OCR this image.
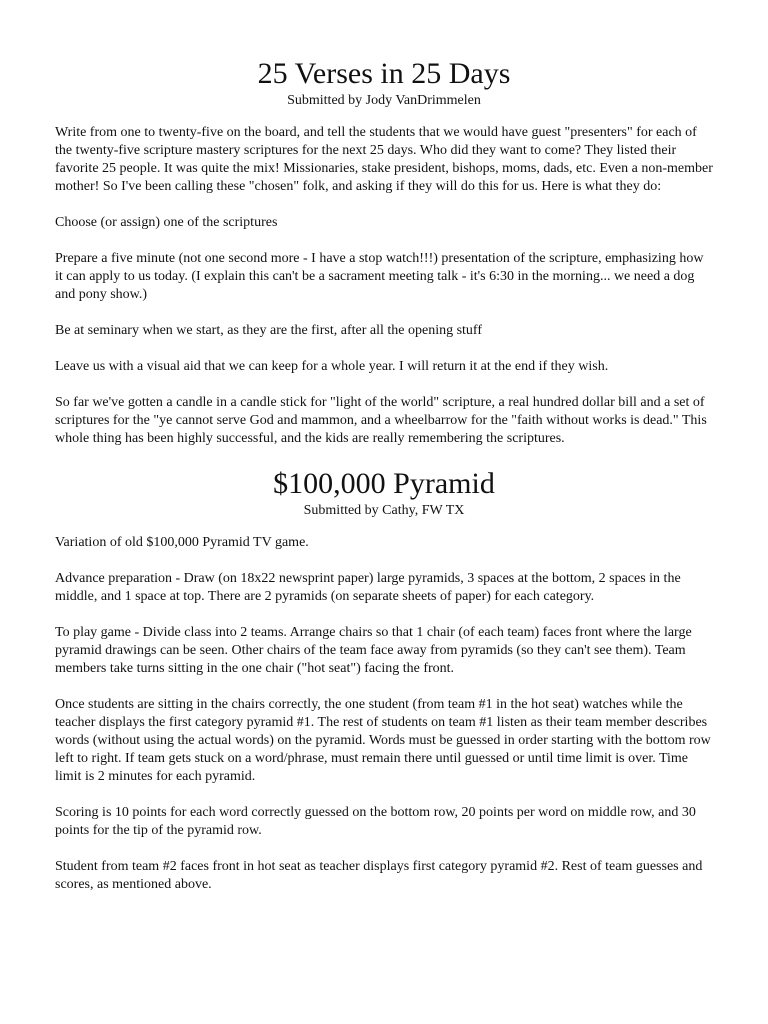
25 Verses in 25 Days
Submitted by Jody VanDrimmelen

Write from one to twenty-five on the board, and tell the students that we would have guest "presenters" for each of the twenty-five scripture mastery scriptures for the next 25 days. Who did they want to come? They listed their favorite 25 people. It was quite the mix! Missionaries, stake president, bishops, moms, dads, etc. Even a non-member mother! So I've been calling these "chosen" folk, and asking if they will do this for us. Here is what they do:

Choose (or assign) one of the scriptures

Prepare a five minute (not one second more - I have a stop watch!!!) presentation of the scripture, emphasizing how it can apply to us today. (I explain this can't be a sacrament meeting talk - it's 6:30 in the morning... we need a dog and pony show.)

Be at seminary when we start, as they are the first, after all the opening stuff

Leave us with a visual aid that we can keep for a whole year. I will return it at the end if they wish.

So far we've gotten a candle in a candle stick for "light of the world" scripture, a real hundred dollar bill and a set of scriptures for the "ye cannot serve God and mammon, and a wheelbarrow for the "faith without works is dead." This whole thing has been highly successful, and the kids are really remembering the scriptures.

$100,000 Pyramid
Submitted by Cathy, FW TX

Variation of old $100,000 Pyramid TV game.

Advance preparation - Draw (on 18x22 newsprint paper) large pyramids, 3 spaces at the bottom, 2 spaces in the middle, and 1 space at top. There are 2 pyramids (on separate sheets of paper) for each category.

To play game - Divide class into 2 teams. Arrange chairs so that 1 chair (of each team) faces front where the large pyramid drawings can be seen. Other chairs of the team face away from pyramids (so they can't see them). Team members take turns sitting in the one chair ("hot seat") facing the front.

Once students are sitting in the chairs correctly, the one student (from team #1 in the hot seat) watches while the teacher displays the first category pyramid #1. The rest of students on team #1 listen as their team member describes words (without using the actual words) on the pyramid. Words must be guessed in order starting with the bottom row left to right. If team gets stuck on a word/phrase, must remain there until guessed or until time limit is over. Time limit is 2 minutes for each pyramid.

Scoring is 10 points for each word correctly guessed on the bottom row, 20 points per word on middle row, and 30 points for the tip of the pyramid row.

Student from team #2 faces front in hot seat as teacher displays first category pyramid #2. Rest of team guesses and scores, as mentioned above.
